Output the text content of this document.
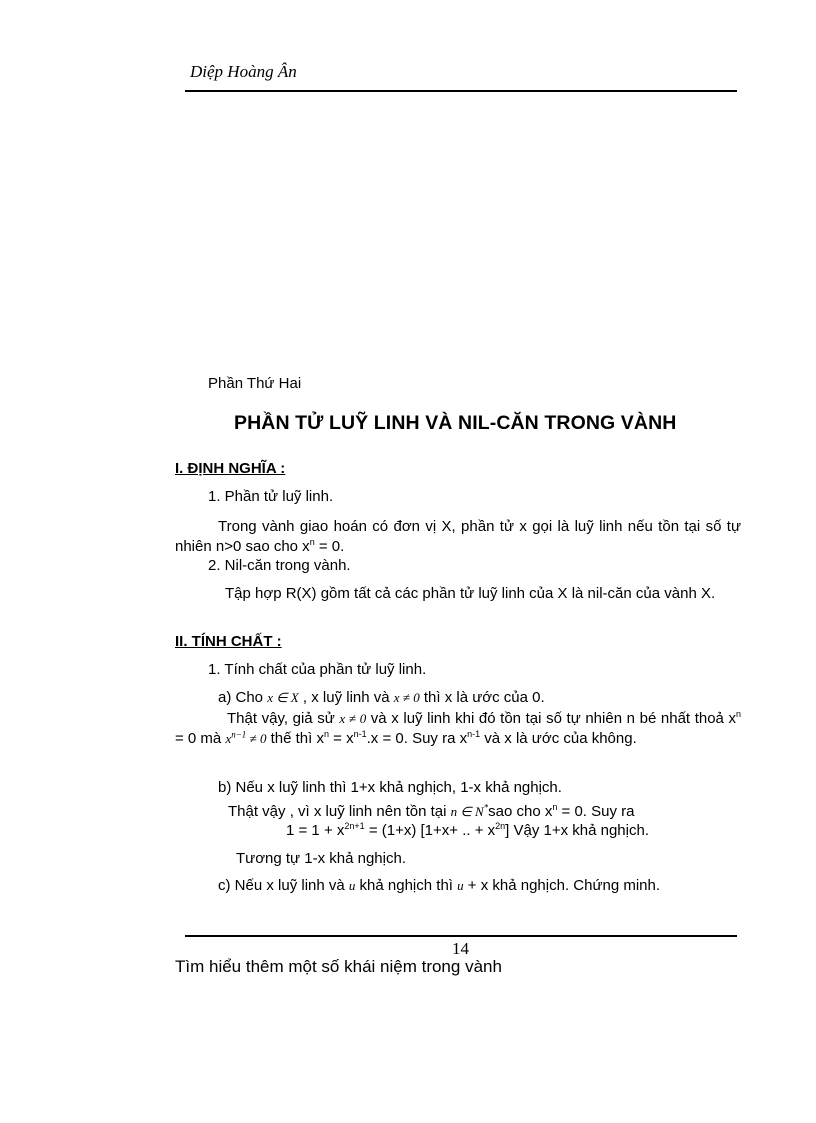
Diệp Hoàng Ân
Phần Thứ Hai
PHẦN TỬ LUỸ LINH VÀ NIL-CĂN TRONG VÀNH
I. ĐỊNH NGHĨA :
1. Phần tử luỹ linh.
Trong vành giao hoán có đơn vị X, phần tử x gọi là luỹ linh nếu tồn tại số tự nhiên n>0 sao cho $x^n = 0$.
2. Nil-căn trong vành.
Tập hợp R(X) gồm tất cả các phần tử luỹ linh của X là nil-căn của vành X.
II. TÍNH CHẤT :
1. Tính chất của phần tử luỹ linh.
a) Cho x ∈ X , x luỹ linh và x ≠ 0 thì x là ước của 0.
Thật vậy, giả sử x ≠ 0 và x luỹ linh khi đó tồn tại số tự nhiên n bé nhất thoả $x^n = 0$ mà $x^{n-1} \ne 0$ thế thì $x^n = x^{n-1}.x = 0$. Suy ra $x^{n-1}$ và x là ước của không.
b) Nếu x luỹ linh thì 1+x khả nghịch, 1-x khả nghịch.
Thật vậy , vì x luỹ linh nên tồn tại n ∈ N*sao cho $x^n = 0$. Suy ra
$1 = 1 + x^{2n+1} = (1+x)$ [1+x+ .. + $x^{2n}$] Vậy 1+x khả nghịch.
Tương tự 1-x khả nghịch.
c) Nếu x luỹ linh và u khả nghịch thì u + x khả nghịch. Chứng minh.
14
Tìm hiểu thêm một số khái niệm trong vành
